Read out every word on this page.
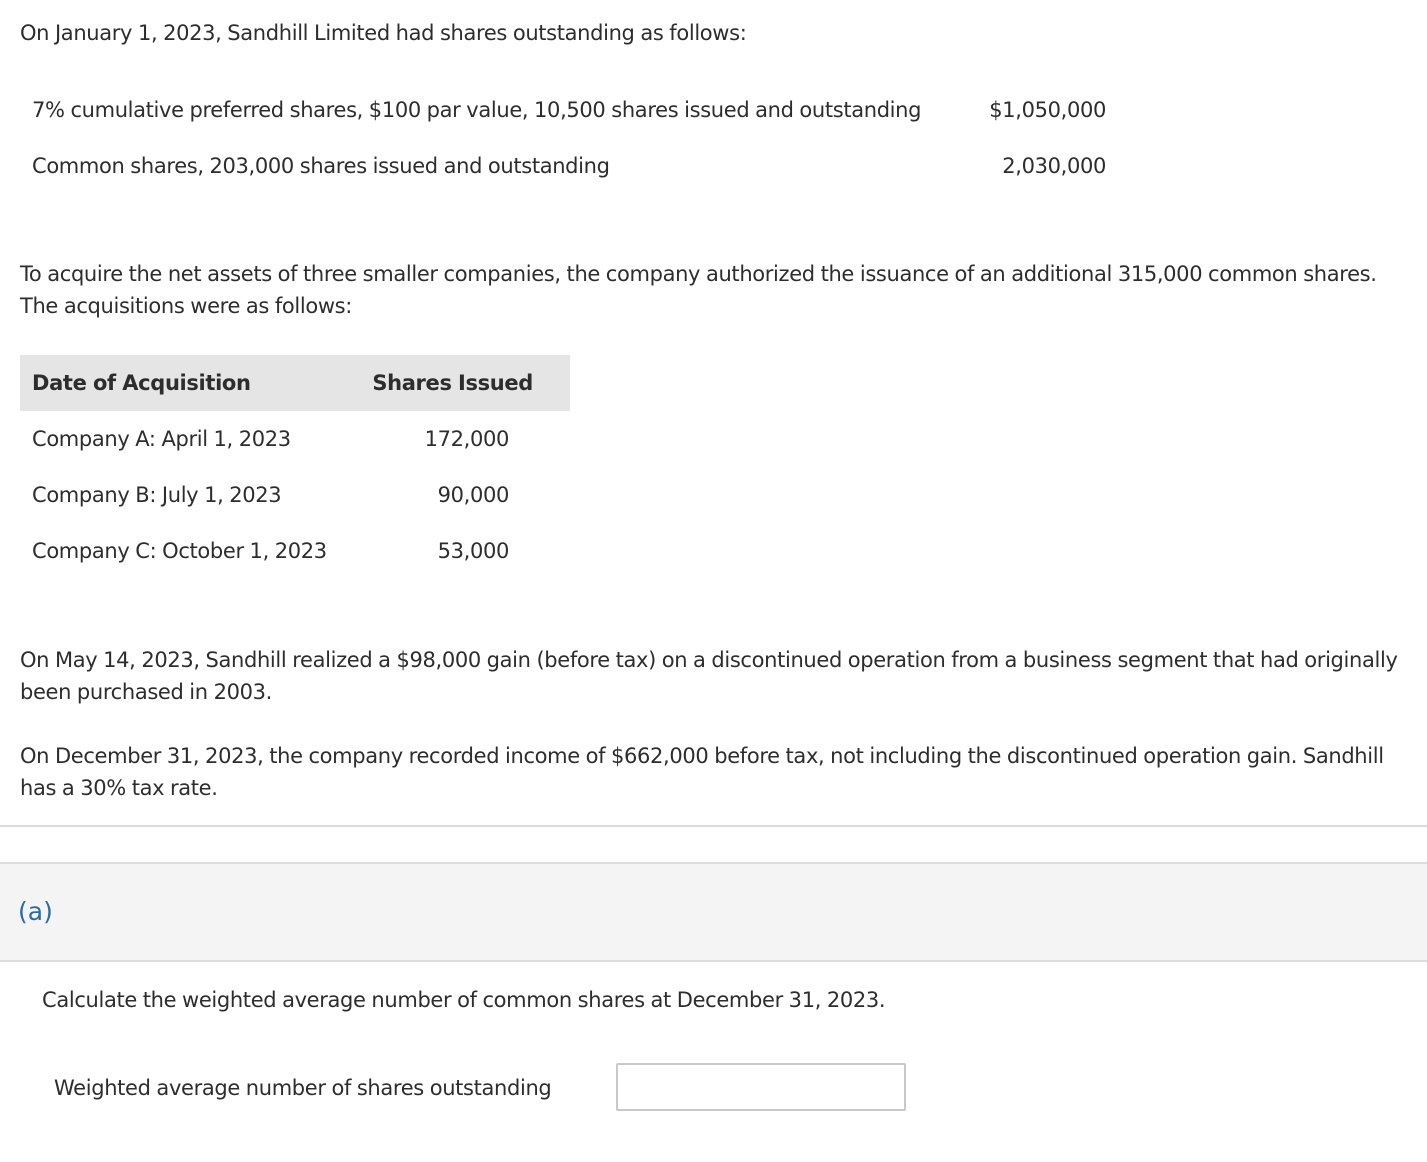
On January 1, 2023, Sandhill Limited had shares outstanding as follows:

7% cumulative preferred shares, $100 par value, 10,500 shares issued and outstanding	$1,050,000
Common shares, 203,000 shares issued and outstanding	2,030,000

To acquire the net assets of three smaller companies, the company authorized the issuance of an additional 315,000 common shares. The acquisitions were as follows:

Date of Acquisition	Shares Issued
Company A: April 1, 2023	172,000
Company B: July 1, 2023	90,000
Company C: October 1, 2023	53,000

On May 14, 2023, Sandhill realized a $98,000 gain (before tax) on a discontinued operation from a business segment that had originally been purchased in 2003.

On December 31, 2023, the company recorded income of $662,000 before tax, not including the discontinued operation gain. Sandhill has a 30% tax rate.

(a)
Calculate the weighted average number of common shares at December 31, 2023.
Weighted average number of shares outstanding
